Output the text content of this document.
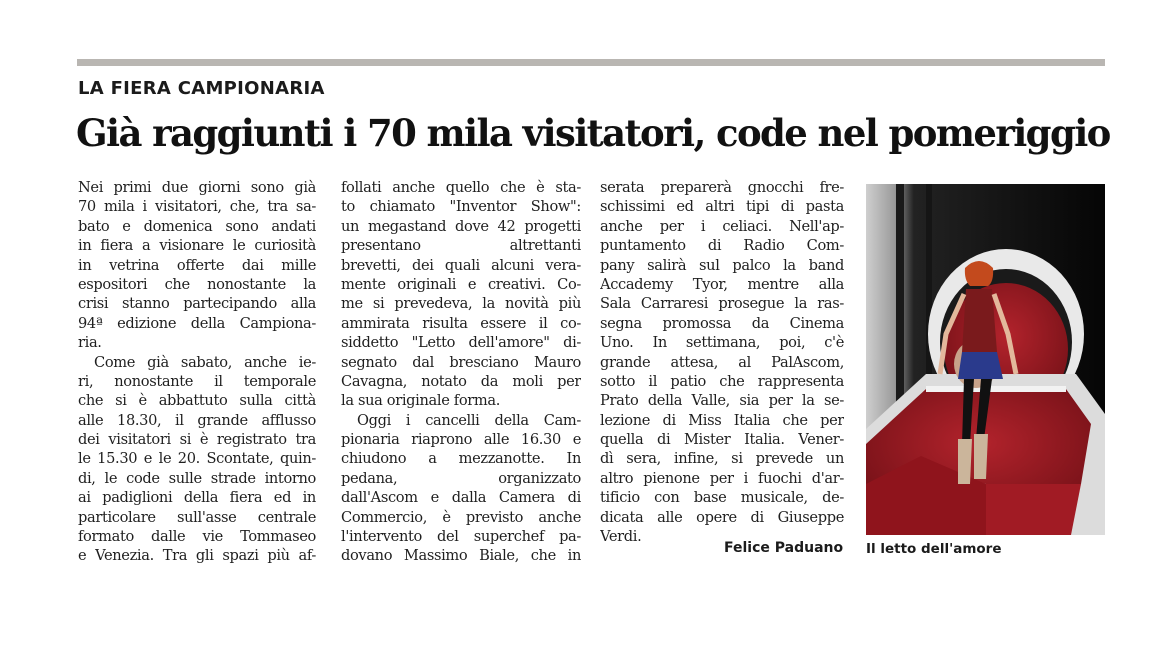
LA FIERA CAMPIONARIA
Già raggiunti i 70 mila visitatori, code nel pomeriggio
Nei primi due giorni sono già
70 mila i visitatori, che, tra sa-
bato e domenica sono andati
in fiera a visionare le curiosità
in vetrina offerte dai mille
espositori che nonostante la
crisi stanno partecipando alla
94ª edizione della Campiona-
ria.
Come già sabato, anche ie-
ri, nonostante il temporale
che si è abbattuto sulla città
alle 18.30, il grande afflusso
dei visitatori si è registrato tra
le 15.30 e le 20. Scontate, quin-
di, le code sulle strade intorno
ai padiglioni della fiera ed in
particolare sull'asse centrale
formato dalle vie Tommaseo
e Venezia. Tra gli spazi più af-
follati anche quello che è sta-
to chiamato "Inventor Show":
un megastand dove 42 progetti
presentano altrettanti
brevetti, dei quali alcuni vera-
mente originali e creativi. Co-
me si prevedeva, la novità più
ammirata risulta essere il co-
siddetto "Letto dell'amore" di-
segnato dal bresciano Mauro
Cavagna, notato da moli per
la sua originale forma.
Oggi i cancelli della Cam-
pionaria riaprono alle 16.30 e
chiudono a mezzanotte. In
pedana, organizzato
dall'Ascom e dalla Camera di
Commercio, è previsto anche
l'intervento del superchef pa-
dovano Massimo Biale, che in
serata preparerà gnocchi fre-
schissimi ed altri tipi di pasta
anche per i celiaci. Nell'ap-
puntamento di Radio Com-
pany salirà sul palco la band
Accademy Tyor, mentre alla
Sala Carraresi prosegue la ras-
segna promossa da Cinema
Uno. In settimana, poi, c'è
grande attesa, al PalAscom,
sotto il patio che rappresenta
Prato della Valle, sia per la se-
lezione di Miss Italia che per
quella di Mister Italia. Vener-
dì sera, infine, si prevede un
altro pienone per i fuochi d'ar-
tificio con base musicale, de-
dicata alle opere di Giuseppe
Verdi.
Felice Paduano Il letto dell'amore
